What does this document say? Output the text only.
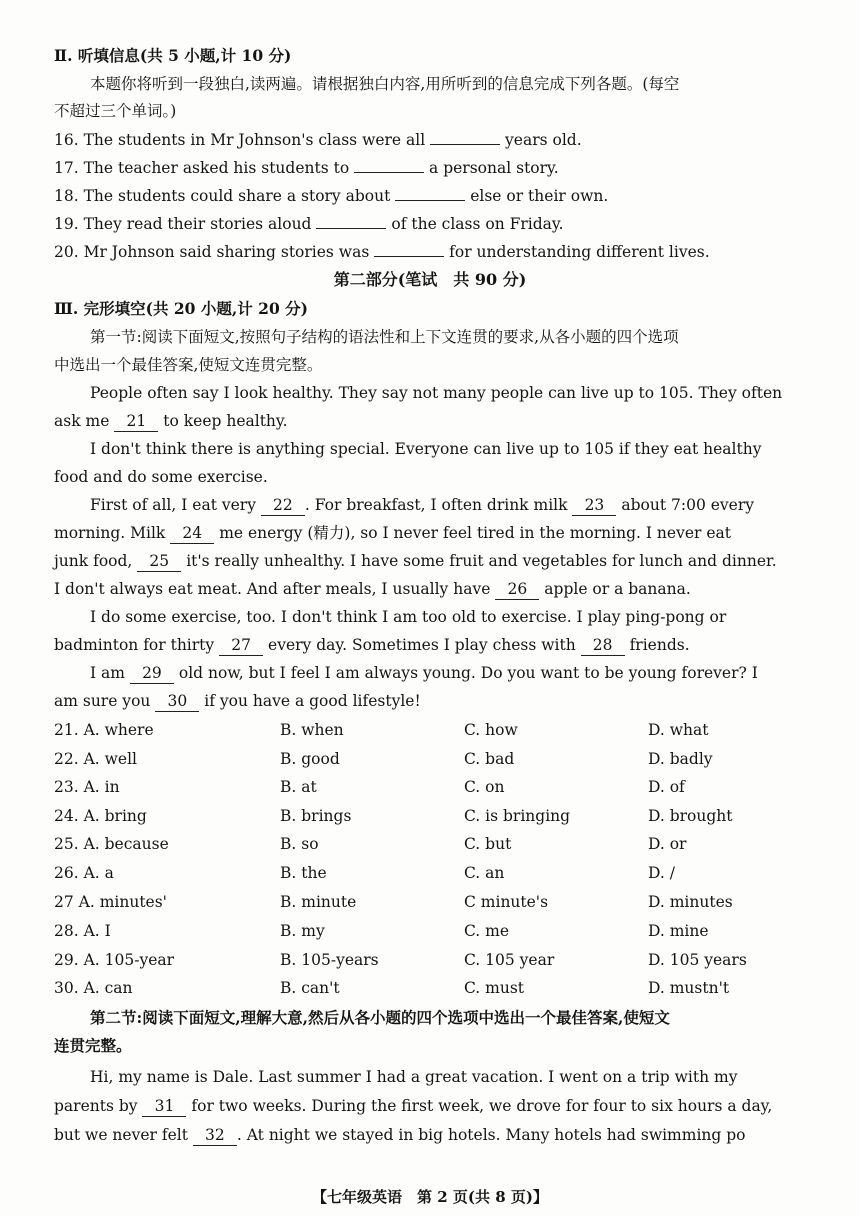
Ⅱ. 听填信息(共 5 小题,计 10 分)
本题你将听到一段独白,读两遍。请根据独白内容,用所听到的信息完成下列各题。(每空
不超过三个单词。)
16. The students in Mr Johnson's class were all	years old.
17. The teacher asked his students to	a personal story.
18. The students could share a story about	else or their own.
19. They read their stories aloud	of the class on Friday.
20. Mr Johnson said sharing stories was	for understanding different lives.
第二部分(笔试　共 90 分)
Ⅲ. 完形填空(共 20 小题,计 20 分)
第一节:阅读下面短文,按照句子结构的语法性和上下文连贯的要求,从各小题的四个选项
中选出一个最佳答案,使短文连贯完整。
People often say I look healthy. They say not many people can live up to 105. They often
ask me 21 to keep healthy.
I don't think there is anything special. Everyone can live up to 105 if they eat healthy
food and do some exercise.
First of all, I eat very 22 . For breakfast, I often drink milk 23 about 7:00 every
morning. Milk 24 me energy (精力), so I never feel tired in the morning. I never eat
junk food, 25 it's really unhealthy. I have some fruit and vegetables for lunch and dinner.
I don't always eat meat. And after meals, I usually have 26 apple or a banana.
I do some exercise, too. I don't think I am too old to exercise. I play ping-pong or
badminton for thirty 27 every day. Sometimes I play chess with 28 friends.
I am 29 old now, but I feel I am always young. Do you want to be young forever? I
am sure you 30 if you have a good lifestyle!
21. A. where	B. when	C. how	D. what
22. A. well	B. good	C. bad	D. badly
23. A. in	B. at	C. on	D. of
24. A. bring	B. brings	C. is bringing	D. brought
25. A. because	B. so	C. but	D. or
26. A. a	B. the	C. an	D. /
27 A. minutes'	B. minute	C minute's	D. minutes
28. A. I	B. my	C. me	D. mine
29. A. 105-year	B. 105-years	C. 105 year	D. 105 years
30. A. can	B. can't	C. must	D. mustn't
第二节:阅读下面短文,理解大意,然后从各小题的四个选项中选出一个最佳答案,使短文
连贯完整。
Hi, my name is Dale. Last summer I had a great vacation. I went on a trip with my
parents by 31 for two weeks. During the first week, we drove for four to six hours a day,
but we never felt 32 . At night we stayed in big hotels. Many hotels had swimming po
【七年级英语　第 2 页(共 8 页)】
